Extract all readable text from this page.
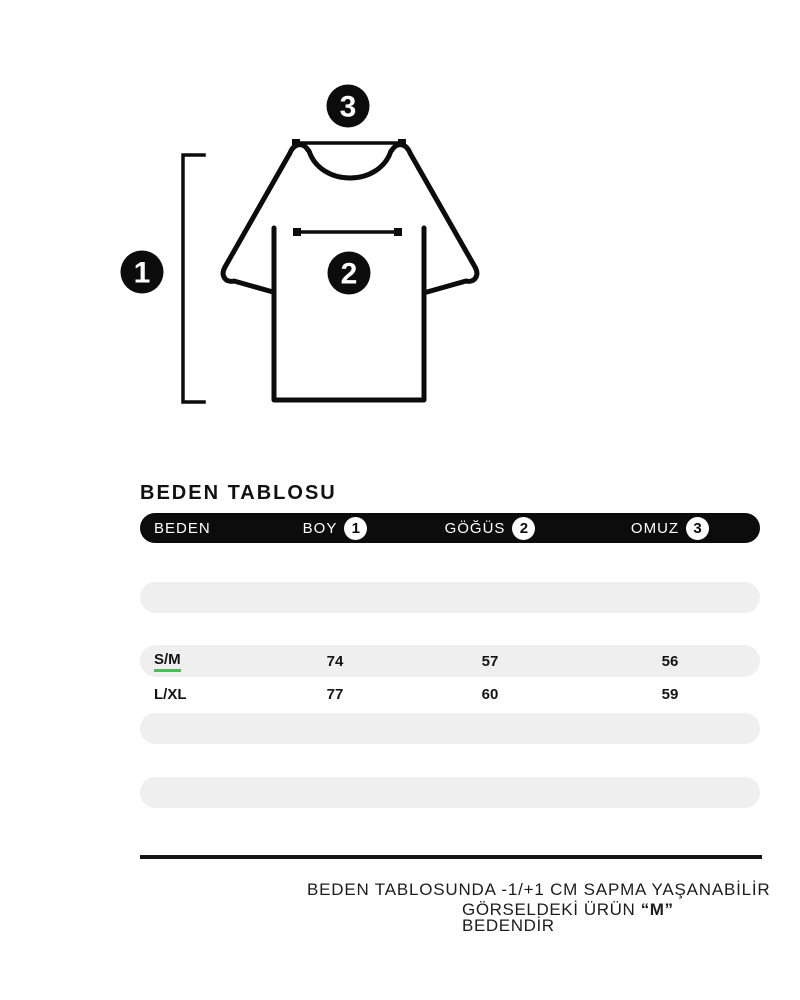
3
1	2
BEDEN TABLOSU
BEDEN	BOY 1	GÖĞÜS 2	OMUZ 3
S/M	74	57	56
L/XL	77	60	59
BEDEN TABLOSUNDA -1/+1 CM SAPMA YAŞANABİLİR
GÖRSELDEKİ ÜRÜN “M”
BEDENDİR
